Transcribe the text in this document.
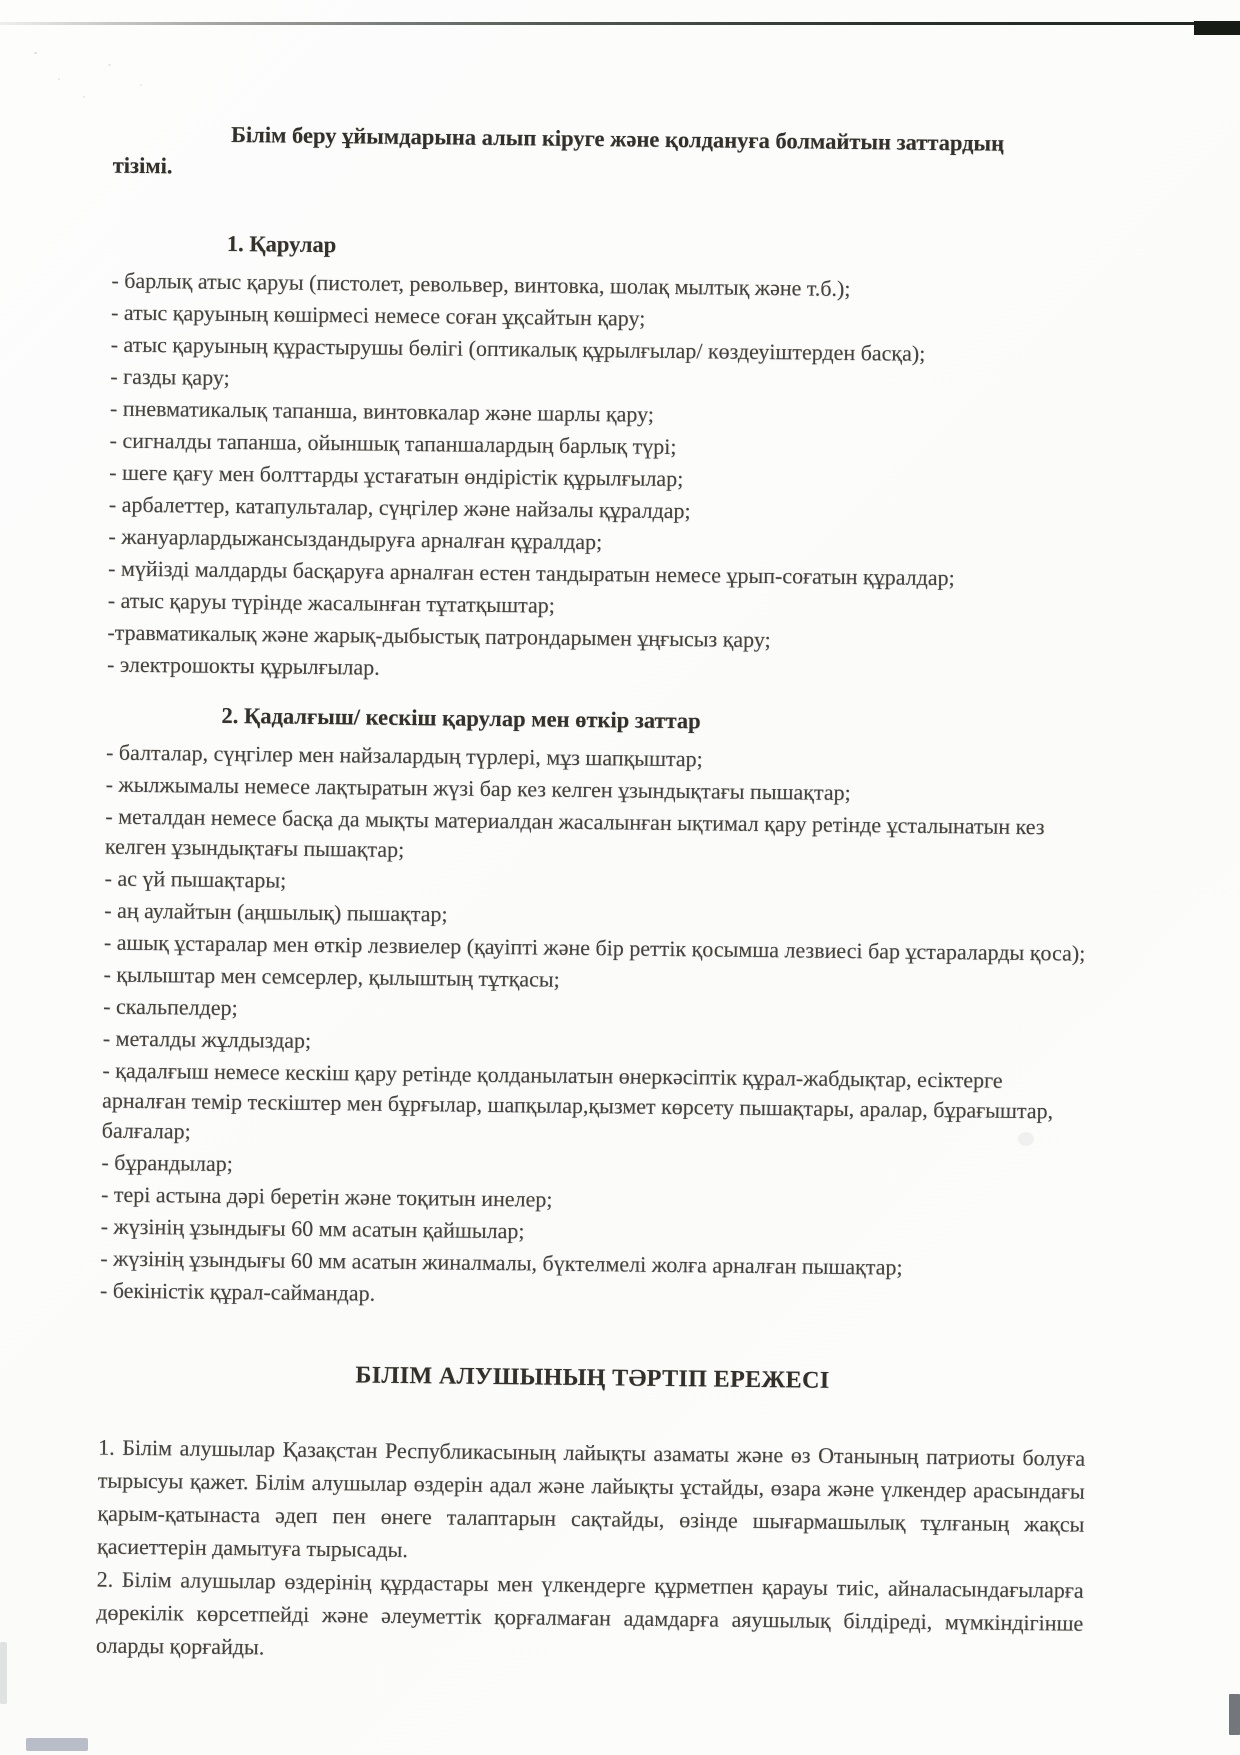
Білім беру ұйымдарына алып кіруге және қолдануға болмайтын заттардың
тізімі.

1. Қарулар

- барлық атыс қаруы (пистолет, револьвер, винтовка, шолақ мылтық және т.б.);

- атыс қаруының көшірмесі немесе соған ұқсайтын қару;

- атыс қаруының құрастырушы бөлігі (оптикалық құрылғылар/ көздеуіштерден басқа);

- газды қару;

- пневматикалық тапанша, винтовкалар және шарлы қару;

- сигналды тапанша, ойыншық тапаншалардың барлық түрі;

- шеге қағу мен болттарды ұстағатын өндірістік құрылғылар;

- арбалеттер, катапульталар, сүңгілер және найзалы құралдар;

- жануарлардыжансыздандыруға арналған құралдар;

- мүйізді малдарды басқаруға арналған естен тандыратын немесе ұрып-соғатын құралдар;

- атыс қаруы түрінде жасалынған тұтатқыштар;

-травматикалық және жарық-дыбыстық патрондарымен ұңғысыз қару;

- электрошокты құрылғылар.

2. Қадалғыш/ кескіш қарулар мен өткір заттар

- балталар, сүңгілер мен найзалардың түрлері, мұз шапқыштар;

- жылжымалы немесе лақтыратын жүзі бар кез келген ұзындықтағы пышақтар;

- металдан немесе басқа да мықты материалдан жасалынған ықтимал қару ретінде ұсталынатын кез келген ұзындықтағы пышақтар;

- ас үй пышақтары;

- аң аулайтын (аңшылық) пышақтар;

- ашық ұстаралар мен өткір лезвиелер (қауіпті және бір реттік қосымша лезвиесі бар ұстараларды қоса);

- қылыштар мен семсерлер, қылыштың тұтқасы;

- скальпелдер;

- металды жұлдыздар;

- қадалғыш немесе кескіш қару ретінде қолданылатын өнеркәсіптік құрал-жабдықтар, есіктерге арналған темір тескіштер мен бұрғылар, шапқылар,қызмет көрсету пышақтары, аралар, бұрағыштар, балғалар;

- бұрандылар;

- тері астына дәрі беретін және тоқитын инелер;

- жүзінің ұзындығы 60 мм асатын қайшылар;

- жүзінің ұзындығы 60 мм асатын жиналмалы, бүктелмелі жолға арналған пышақтар;

- бекіністік құрал-саймандар.

БІЛІМ АЛУШЫНЫҢ ТӘРТІП ЕРЕЖЕСІ

1. Білім алушылар Қазақстан Республикасының лайықты азаматы және өз Отанының патриоты болуға тырысуы қажет. Білім алушылар өздерін адал және лайықты ұстайды, өзара және үлкендер арасындағы қарым-қатынаста әдеп пен өнеге талаптарын сақтайды, өзінде шығармашылық тұлғаның жақсы қасиеттерін дамытуға тырысады.

2. Білім алушылар өздерінің құрдастары мен үлкендерге құрметпен қарауы тиіс, айналасындағыларға дөрекілік көрсетпейді және әлеуметтік қорғалмаған адамдарға аяушылық білдіреді, мүмкіндігінше оларды қорғайды.
